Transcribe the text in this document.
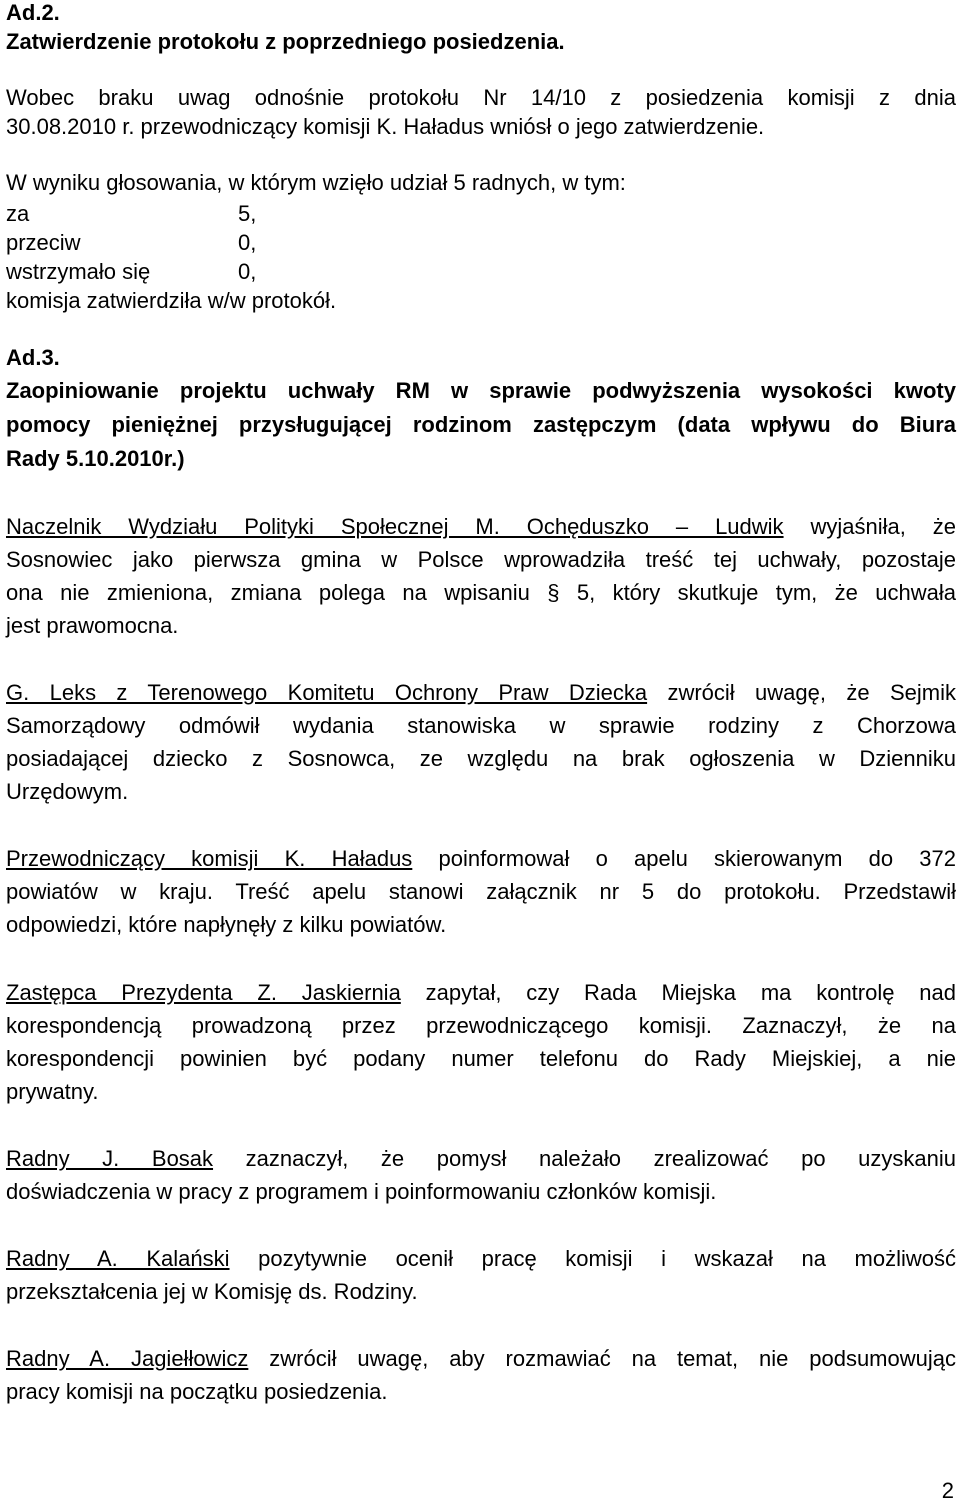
Ad.2.
Zatwierdzenie protokołu z poprzedniego posiedzenia.
Wobec braku uwag odnośnie protokołu Nr 14/10 z posiedzenia komisji z dnia
30.08.2010 r. przewodniczący komisji K. Haładus wniósł o jego zatwierdzenie.
W wyniku głosowania, w którym wzięło udział 5 radnych, w tym:
za	5,
przeciw	0,
wstrzymało się	0,
komisja zatwierdziła w/w protokół.
Ad.3.
Zaopiniowanie projektu uchwały RM w sprawie podwyższenia wysokości kwoty
pomocy pieniężnej przysługującej rodzinom zastępczym (data wpływu do Biura
Rady 5.10.2010r.)
Naczelnik Wydziału Polityki Społecznej M. Ochęduszko – Ludwik wyjaśniła, że
Sosnowiec jako pierwsza gmina w Polsce wprowadziła treść tej uchwały, pozostaje
ona nie zmieniona, zmiana polega na wpisaniu § 5, który skutkuje tym, że uchwała
jest prawomocna.
G. Leks z Terenowego Komitetu Ochrony Praw Dziecka zwrócił uwagę, że Sejmik
Samorządowy odmówił wydania stanowiska w sprawie rodziny z Chorzowa
posiadającej dziecko z Sosnowca, ze względu na brak ogłoszenia w Dzienniku
Urzędowym.
Przewodniczący komisji K. Haładus poinformował o apelu skierowanym do 372
powiatów w kraju. Treść apelu stanowi załącznik nr 5 do protokołu. Przedstawił
odpowiedzi, które napłynęły z kilku powiatów.
Zastępca Prezydenta Z. Jaskiernia zapytał, czy Rada Miejska ma kontrolę nad
korespondencją prowadzoną przez przewodniczącego komisji. Zaznaczył, że na
korespondencji powinien być podany numer telefonu do Rady Miejskiej, a nie
prywatny.
Radny J. Bosak zaznaczył, że pomysł należało zrealizować po uzyskaniu
doświadczenia w pracy z programem i poinformowaniu członków komisji.
Radny A. Kalański pozytywnie ocenił pracę komisji i wskazał na możliwość
przekształcenia jej w Komisję ds. Rodziny.
Radny A. Jagiełłowicz zwrócił uwagę, aby rozmawiać na temat, nie podsumowując
pracy komisji na początku posiedzenia.
2
